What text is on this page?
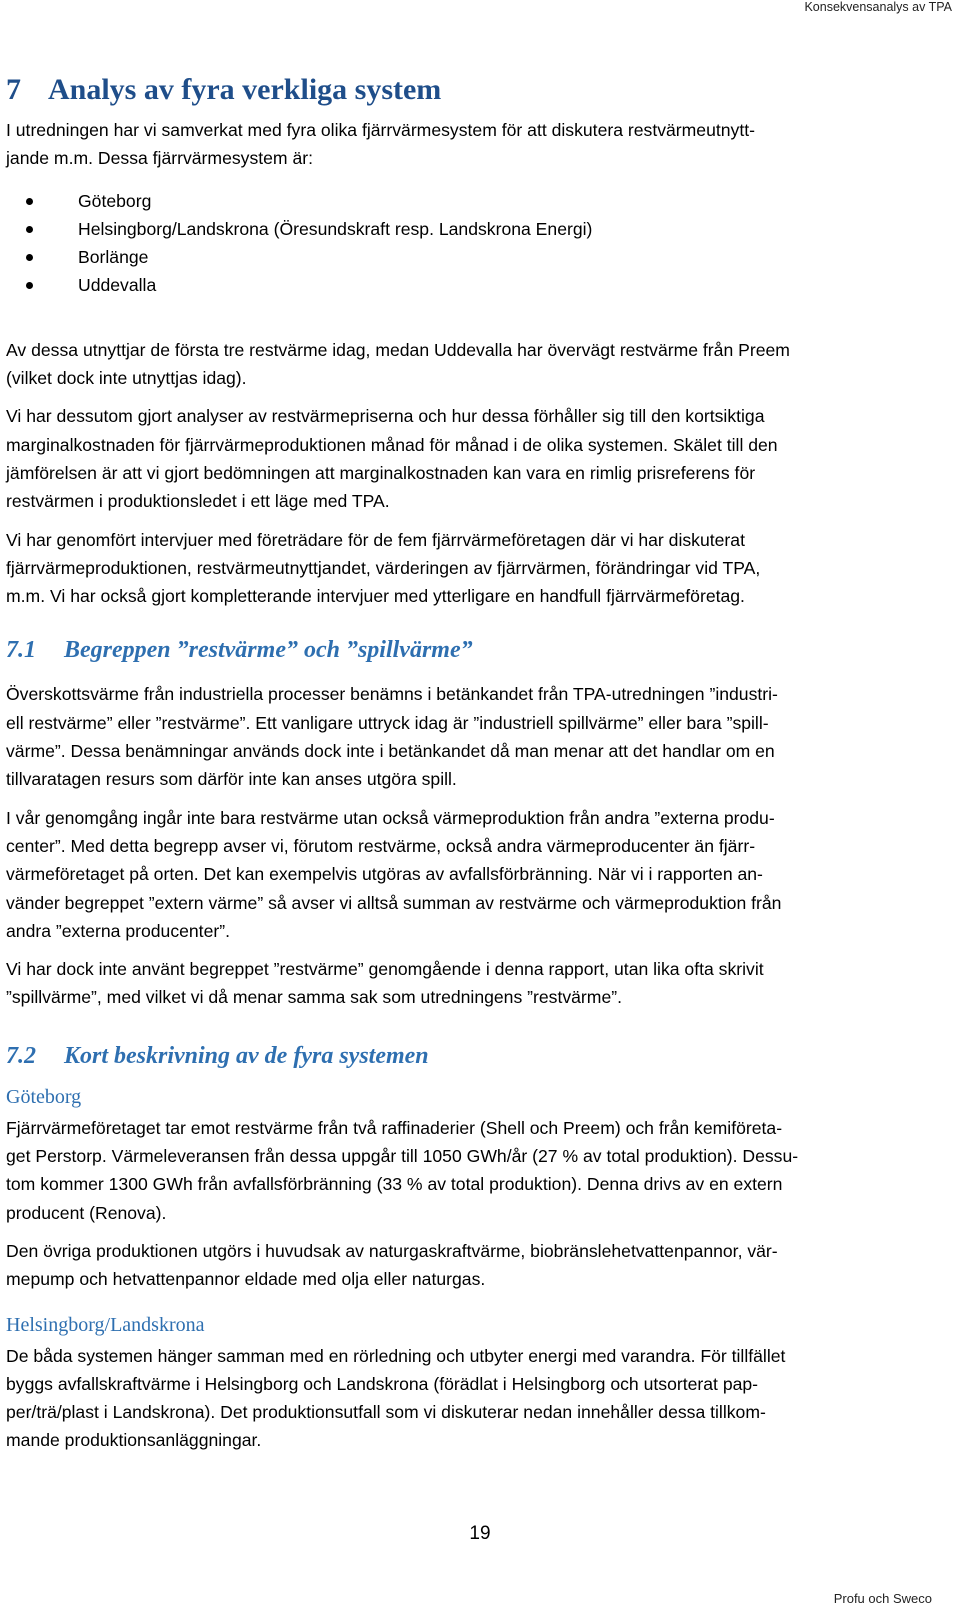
Konsekvensanalys av TPA
7 Analys av fyra verkliga system

I utredningen har vi samverkat med fyra olika fjärrvärmesystem för att diskutera restvärmeutnytt-
jande m.m. Dessa fjärrvärmesystem är:

Göteborg
Helsingborg/Landskrona (Öresundskraft resp. Landskrona Energi)
Borlänge
Uddevalla

Av dessa utnyttjar de första tre restvärme idag, medan Uddevalla har övervägt restvärme från Preem
(vilket dock inte utnyttjas idag).

Vi har dessutom gjort analyser av restvärmepriserna och hur dessa förhåller sig till den kortsiktiga
marginalkostnaden för fjärrvärmeproduktionen månad för månad i de olika systemen. Skälet till den
jämförelsen är att vi gjort bedömningen att marginalkostnaden kan vara en rimlig prisreferens för
restvärmen i produktionsledet i ett läge med TPA.

Vi har genomfört intervjuer med företrädare för de fem fjärrvärmeföretagen där vi har diskuterat
fjärrvärmeproduktionen, restvärmeutnyttjandet, värderingen av fjärrvärmen, förändringar vid TPA,
m.m. Vi har också gjort kompletterande intervjuer med ytterligare en handfull fjärrvärmeföretag.

7.1 Begreppen ”restvärme” och ”spillvärme”

Överskottsvärme från industriella processer benämns i betänkandet från TPA-utredningen ”industri-
ell restvärme” eller ”restvärme”. Ett vanligare uttryck idag är ”industriell spillvärme” eller bara ”spill-
värme”. Dessa benämningar används dock inte i betänkandet då man menar att det handlar om en
tillvaratagen resurs som därför inte kan anses utgöra spill.

I vår genomgång ingår inte bara restvärme utan också värmeproduktion från andra ”externa produ-
center”. Med detta begrepp avser vi, förutom restvärme, också andra värmeproducenter än fjärr-
värmeföretaget på orten. Det kan exempelvis utgöras av avfallsförbränning. När vi i rapporten an-
vänder begreppet ”extern värme” så avser vi alltså summan av restvärme och värmeproduktion från
andra ”externa producenter”.

Vi har dock inte använt begreppet ”restvärme” genomgående i denna rapport, utan lika ofta skrivit
”spillvärme”, med vilket vi då menar samma sak som utredningens ”restvärme”.

7.2 Kort beskrivning av de fyra systemen
Göteborg

Fjärrvärmeföretaget tar emot restvärme från två raffinaderier (Shell och Preem) och från kemiföreta-
get Perstorp. Värmeleveransen från dessa uppgår till 1050 GWh/år (27 % av total produktion). Dessu-
tom kommer 1300 GWh från avfallsförbränning (33 % av total produktion). Denna drivs av en extern
producent (Renova).

Den övriga produktionen utgörs i huvudsak av naturgaskraftvärme, biobränslehetvattenpannor, vär-
mepump och hetvattenpannor eldade med olja eller naturgas.

Helsingborg/Landskrona

De båda systemen hänger samman med en rörledning och utbyter energi med varandra. För tillfället
byggs avfallskraftvärme i Helsingborg och Landskrona (förädlat i Helsingborg och utsorterat pap-
per/trä/plast i Landskrona). Det produktionsutfall som vi diskuterar nedan innehåller dessa tillkom-
mande produktionsanläggningar.

19
Profu och Sweco
